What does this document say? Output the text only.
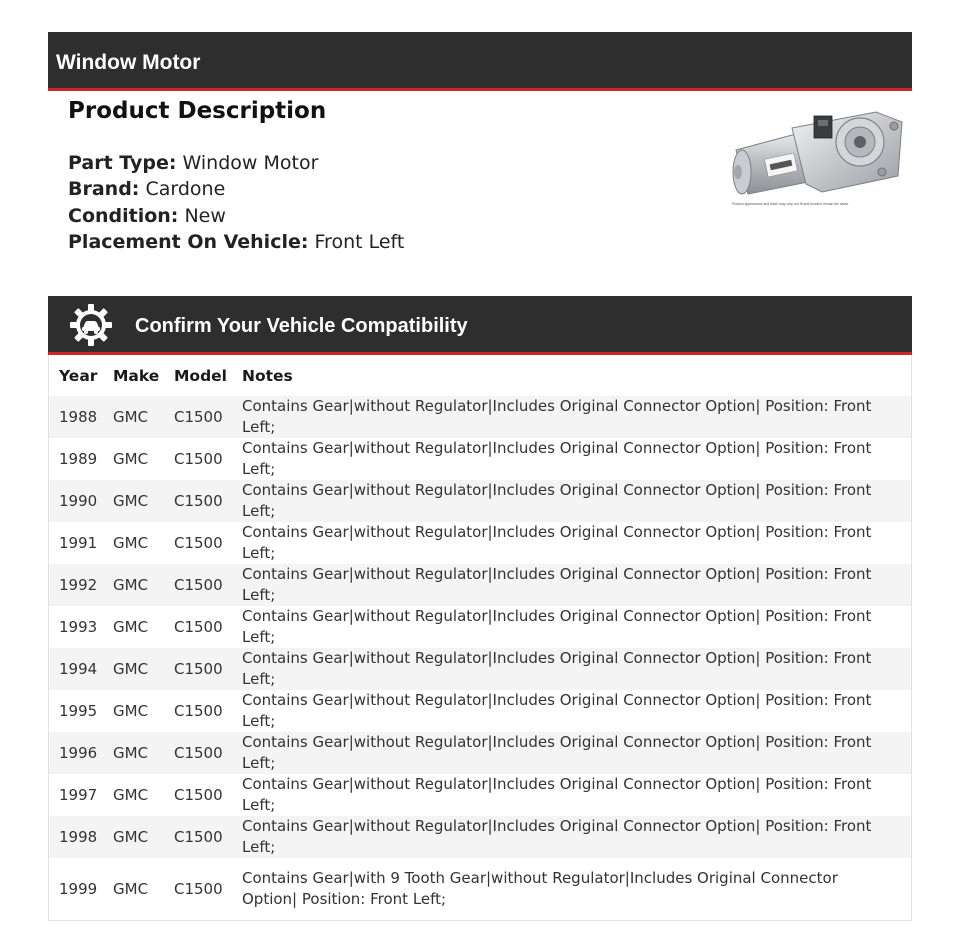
Window Motor
Product Description
Part Type: Window Motor
Brand: Cardone
Condition: New
Placement On Vehicle: Front Left
Product appearance and finish may vary, but fit and function remain the same.
Confirm Your Vehicle Compatibility
Year	Make	Model	Notes
1988	GMC	C1500	Contains Gear|without Regulator|Includes Original Connector Option| Position: Front Left;
1989	GMC	C1500	Contains Gear|without Regulator|Includes Original Connector Option| Position: Front Left;
1990	GMC	C1500	Contains Gear|without Regulator|Includes Original Connector Option| Position: Front Left;
1991	GMC	C1500	Contains Gear|without Regulator|Includes Original Connector Option| Position: Front Left;
1992	GMC	C1500	Contains Gear|without Regulator|Includes Original Connector Option| Position: Front Left;
1993	GMC	C1500	Contains Gear|without Regulator|Includes Original Connector Option| Position: Front Left;
1994	GMC	C1500	Contains Gear|without Regulator|Includes Original Connector Option| Position: Front Left;
1995	GMC	C1500	Contains Gear|without Regulator|Includes Original Connector Option| Position: Front Left;
1996	GMC	C1500	Contains Gear|without Regulator|Includes Original Connector Option| Position: Front Left;
1997	GMC	C1500	Contains Gear|without Regulator|Includes Original Connector Option| Position: Front Left;
1998	GMC	C1500	Contains Gear|without Regulator|Includes Original Connector Option| Position: Front Left;
1999	GMC	C1500	Contains Gear|with 9 Tooth Gear|without Regulator|Includes Original Connector Option| Position: Front Left;
